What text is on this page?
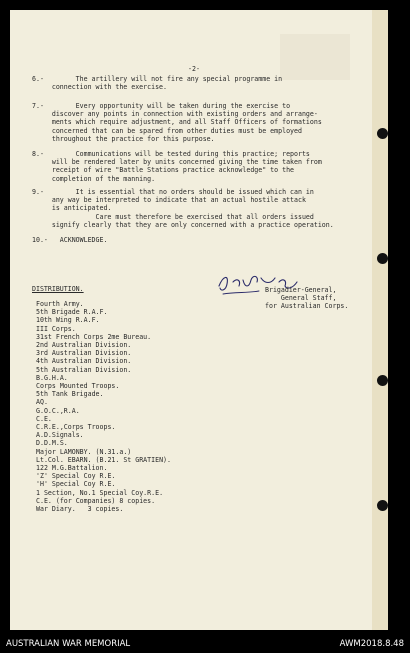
-2-

6.-        The artillery will not fire any special programme in
connection with the exercise.

7.-        Every opportunity will be taken during the exercise to
discover any points in connection with existing orders and arrange-
ments which require adjustment, and all Staff Officers of formations
concerned that can be spared from other duties must be employed
throughout the practice for this purpose.

8.-        Communications will be tested during this practice; reports
will be rendered later by units concerned giving the time taken from
receipt of wire "Battle Stations practice acknowledge" to the
completion of the manning.

9.-        It is essential that no orders should be issued which can in
any way be interpreted to indicate that an actual hostile attack
is anticipated.
Care must therefore be exercised that all orders issued
signify clearly that they are only concerned with a practice operation.

10.-   ACKNOWLEDGE.

Brigadier-General,
General Staff,
for Australian Corps.

DISTRIBUTION.

Fourth Army.
5th Brigade R.A.F.
10th Wing R.A.F.
III Corps.
31st French Corps 2me Bureau.
2nd Australian Division.
3rd Australian Division.
4th Australian Division.
5th Australian Division.
B.G.H.A.
Corps Mounted Troops.
5th Tank Brigade.
AQ.
G.O.C.,R.A.
C.E.
C.R.E.,Corps Troops.
A.D.Signals.
D.D.M.S.
Major LAMONBY. (N.31.a.)
Lt.Col. EBARN. (B.21. St GRATIEN).
122 M.G.Battalion.
'Z' Special Coy R.E.
'H' Special Coy R.E.
1 Section, No.1 Special Coy.R.E.
C.E. (for Companies) 8 copies.
War Diary.   3 copies.

AUSTRALIAN WAR MEMORIAL	AWM2018.8.48
